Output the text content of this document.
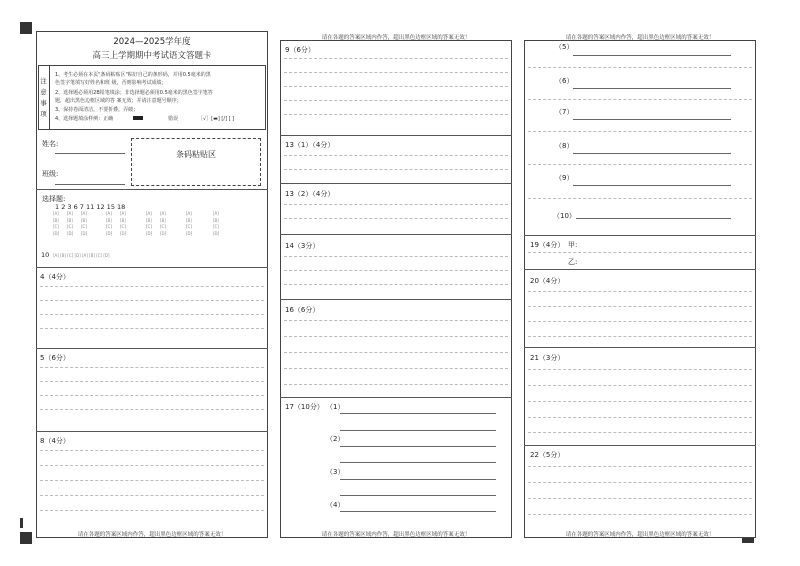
2024—2025学年度
高三上学期期中考试语文答题卡
注
意
事
项
1、考生必须在本页"条码粘贴区"粘好自己的条形码，并用0.5毫米的黑
色签字笔填写好姓名和班 级，否则影响考试成绩；
2、选择题必须用2B铅笔填涂；非选择题必须用0.5毫米的黑色签字笔答
题，超出黑色边框区域的答 案无效；并请注意题号顺序；
3、保持卷面清洁，不要折叠，弄破；
4、选择题填涂样例：正确	错误	［√］[▬] [/] [ ]
姓名:
班级:
条码粘贴区
选择题:
1 2 3 6 7 11 12 15 18
[A]
[B]
[C]
[D]
[A]
[B]
[C]
[D]
[A]
[B]
[C]
[D]
[A]
[B]
[C]
[D]
[A]
[B]
[C]
[D]
[A]
[B]
[C]
[D]
[A]
[B]
[C]
[D]
[A]
[B]
[C]
[D]
[A]
[B]
[C]
[D]
10 [A] [B] [C] [D] [A] [B] [C] [D]
4（4分）
5（6分）
8（4分）
请在各题的答案区域内作答，超出黑色边框区域的答案无效！
请在各题的答案区域内作答，超出黑色边框区域的答案无效！
9（6分）
13（1）（4分）
13（2）（4分）
14（3分）
16（6分）
17（10分） （1）
（2）
（3）
（4）
请在各题的答案区域内作答，超出黑色边框区域的答案无效！
请在各题的答案区域内作答，超出黑色边框区域的答案无效！
（5）
（6）
（7）
（8）
（9）
（10）
19（4分） 甲:
乙:
20（4分）
21（3分）
22（5分）
请在各题的答案区域内作答，超出黑色边框区域的答案无效！
